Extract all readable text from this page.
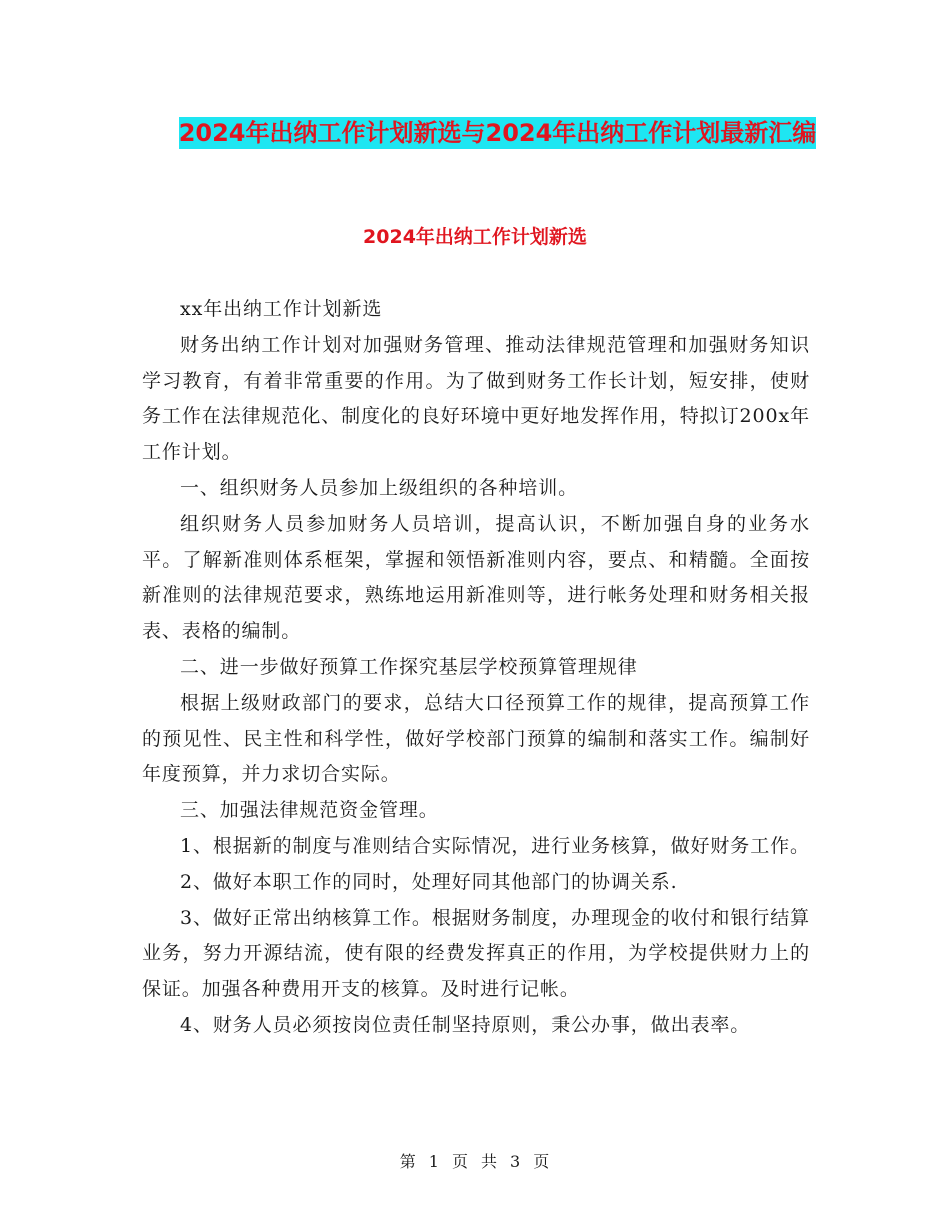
2024年出纳工作计划新选与2024年出纳工作计划最新汇编
2024年出纳工作计划新选

xx年出纳工作计划新选

财务出纳工作计划对加强财务管理、推动法律规范管理和加强财务知识学习教育，有着非常重要的作用。为了做到财务工作长计划，短安排，使财务工作在法律规范化、制度化的良好环境中更好地发挥作用，特拟订200x年工作计划。

一、组织财务人员参加上级组织的各种培训。

组织财务人员参加财务人员培训，提高认识，不断加强自身的业务水平。了解新准则体系框架，掌握和领悟新准则内容，要点、和精髓。全面按新准则的法律规范要求，熟练地运用新准则等，进行帐务处理和财务相关报表、表格的编制。

二、进一步做好预算工作探究基层学校预算管理规律

根据上级财政部门的要求，总结大口径预算工作的规律，提高预算工作的预见性、民主性和科学性，做好学校部门预算的编制和落实工作。编制好年度预算，并力求切合实际。

三、加强法律规范资金管理。

1、根据新的制度与准则结合实际情况，进行业务核算，做好财务工作。

2、做好本职工作的同时，处理好同其他部门的协调关系.

3、做好正常出纳核算工作。根据财务制度，办理现金的收付和银行结算业务，努力开源结流，使有限的经费发挥真正的作用，为学校提供财力上的保证。加强各种费用开支的核算。及时进行记帐。

4、财务人员必须按岗位责任制坚持原则，秉公办事，做出表率。

第 1 页 共 3 页
